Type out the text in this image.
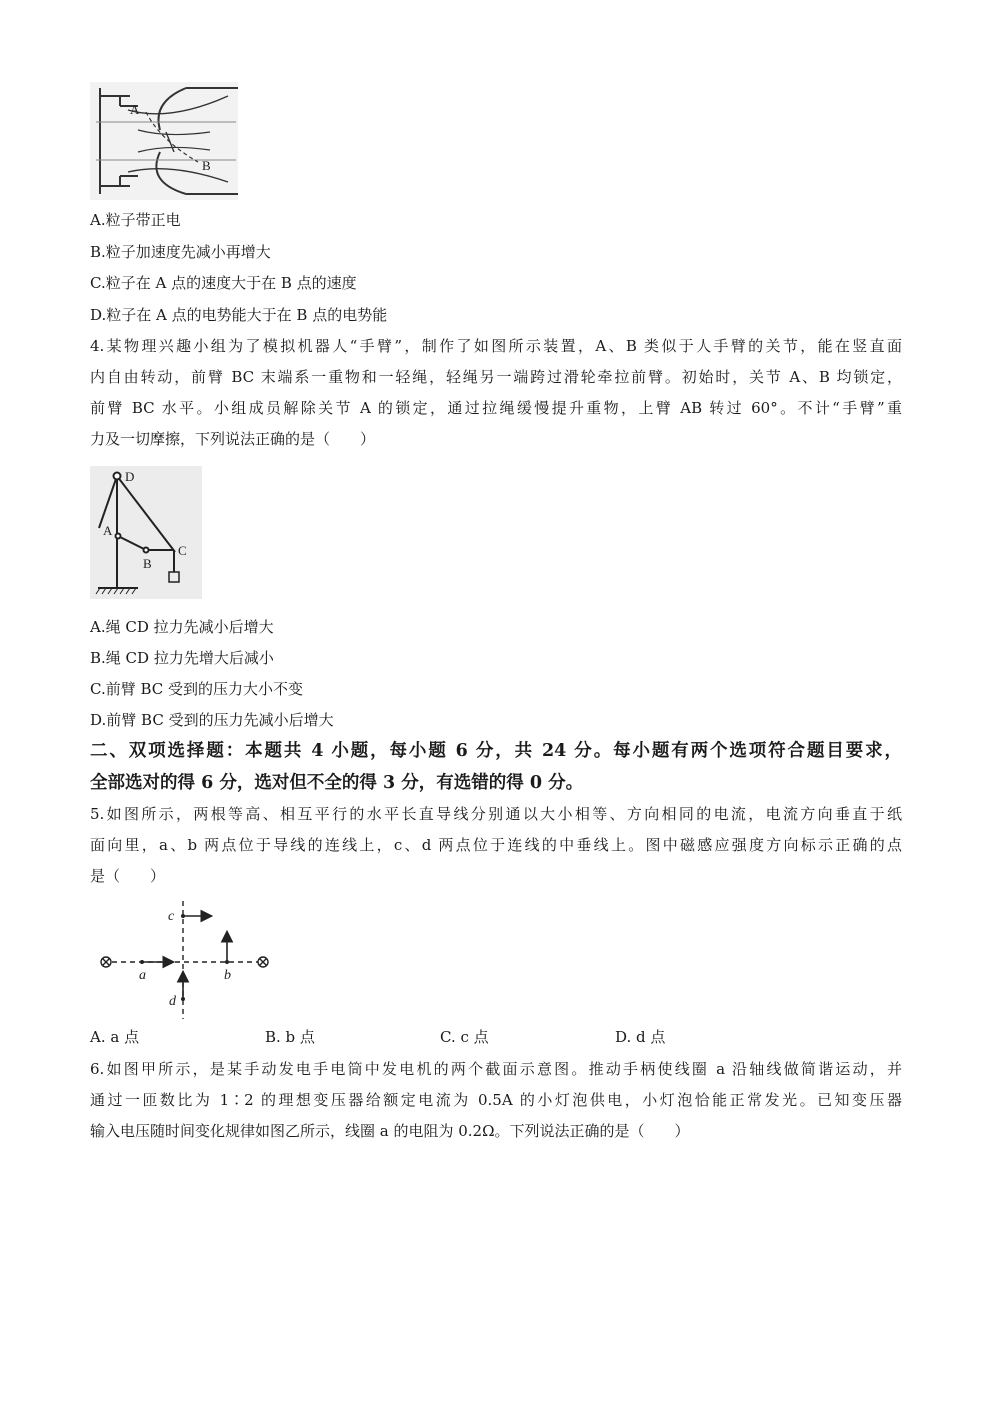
A
B
A.粒子带正电
B.粒子加速度先减小再增大
C.粒子在 A 点的速度大于在 B 点的速度
D.粒子在 A 点的电势能大于在 B 点的电势能
4.某物理兴趣小组为了模拟机器人“手臂”，制作了如图所示装置，A、B 类似于人手臂的关节，能在竖直面
内自由转动，前臂 BC 末端系一重物和一轻绳，轻绳另一端跨过滑轮牵拉前臂。初始时，关节 A、B 均锁定，
前臂 BC 水平。小组成员解除关节 A 的锁定，通过拉绳缓慢提升重物，上臂 AB 转过 60°。不计“手臂”重
力及一切摩擦，下列说法正确的是（　　）
D
A
B
C
A.绳 CD 拉力先减小后增大
B.绳 CD 拉力先增大后减小
C.前臂 BC 受到的压力大小不变
D.前臂 BC 受到的压力先减小后增大
二、双项选择题：本题共 4 小题，每小题 6 分，共 24 分。每小题有两个选项符合题目要求，
全部选对的得 6 分，选对但不全的得 3 分，有选错的得 0 分。
5.如图所示，两根等高、相互平行的水平长直导线分别通以大小相等、方向相同的电流，电流方向垂直于纸
面向里，a、b 两点位于导线的连线上，c、d 两点位于连线的中垂线上。图中磁感应强度方向标示正确的点
是（　　）
a	b
c
d
A. a 点	B. b 点	C. c 点	D. d 点
6.如图甲所示，是某手动发电手电筒中发电机的两个截面示意图。推动手柄使线圈 a 沿轴线做简谐运动，并
通过一匝数比为 1∶2 的理想变压器给额定电流为 0.5A 的小灯泡供电，小灯泡恰能正常发光。已知变压器
输入电压随时间变化规律如图乙所示，线圈 a 的电阻为 0.2Ω。下列说法正确的是（　　）
